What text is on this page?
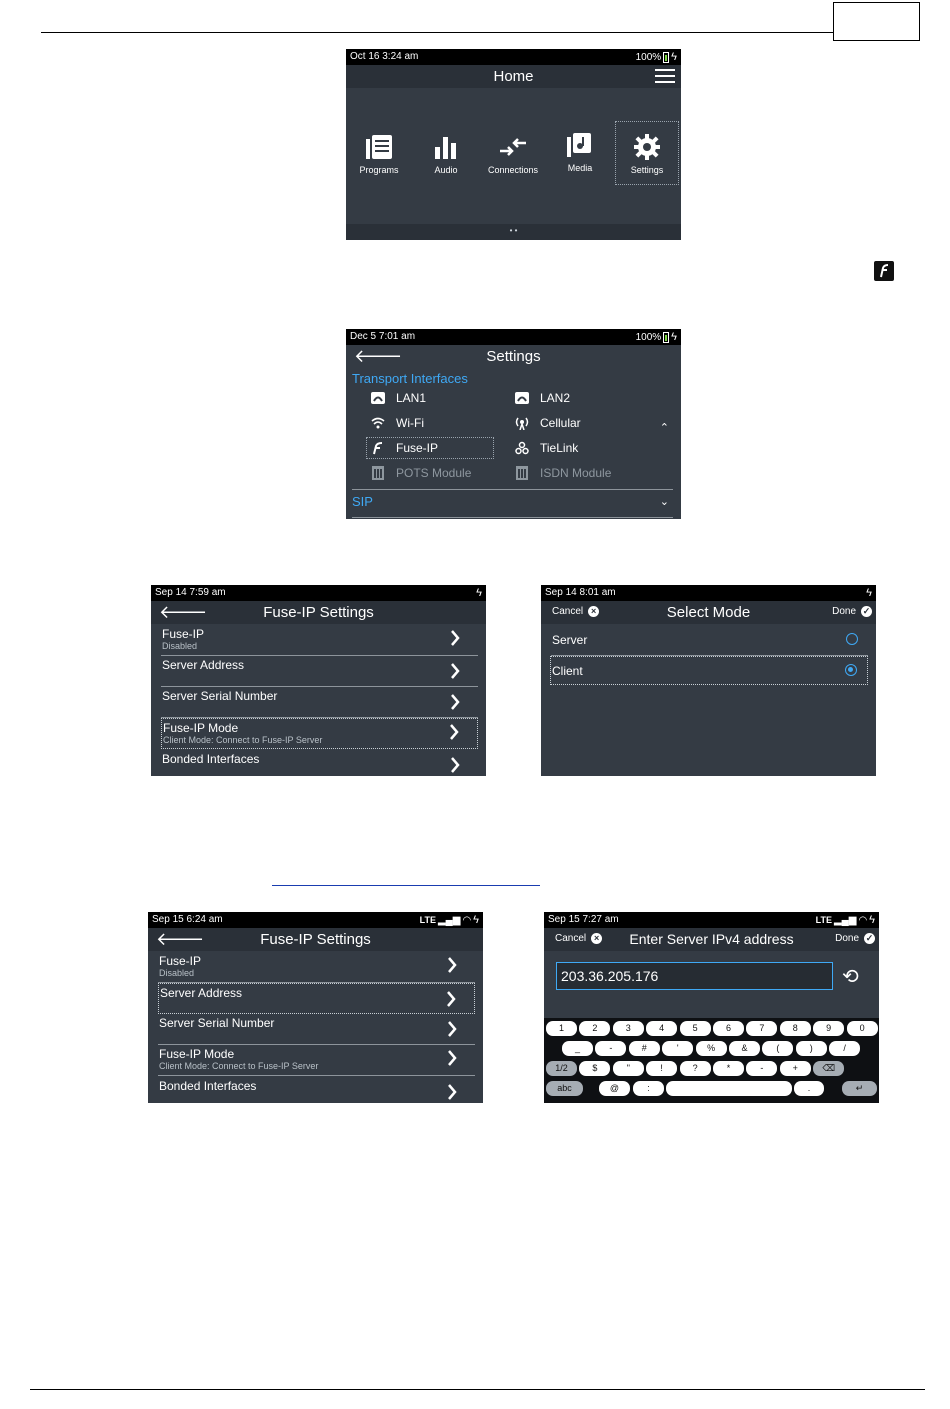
Oct 16 3:24 am	100% ϟ
Home
Programs	Audio	Connections	Media	Settings
• •
Dec 5 7:01 am	100% ϟ
🡐	Settings
Transport Interfaces
LAN1
Wi-Fi
Fuse-IP
POTS Module
LAN2
Cellular
TieLink
ISDN Module
⌃
SIP	⌄
Sep 14 7:59 am	ϟ
🡐	Fuse-IP Settings
Fuse-IP
Disabled
Server Address
Server Serial Number
Fuse-IP Mode
Client Mode: Connect to Fuse-IP Server
Bonded Interfaces
Sep 14 8:01 am	ϟ
Cancel ×	Select Mode	Done ✓
Server
Client
Sep 15 6:24 am	LTE ▂▄▆ ◠ ϟ
🡐	Fuse-IP Settings
Fuse-IP
Disabled
Server Address
Server Serial Number
Fuse-IP Mode
Client Mode: Connect to Fuse-IP Server
Bonded Interfaces
Sep 15 7:27 am	LTE ▂▄▆ ◠ ϟ
Cancel ×	Enter Server IPv4 address	Done ✓
203.36.205.176	⟲
1	2	3	4	5	6	7	8	9	0
_	-	#	'	%	&	(	)	/
1/2	$	"	!	?	*	-	+	⌫
abc	@	:	.	↵
